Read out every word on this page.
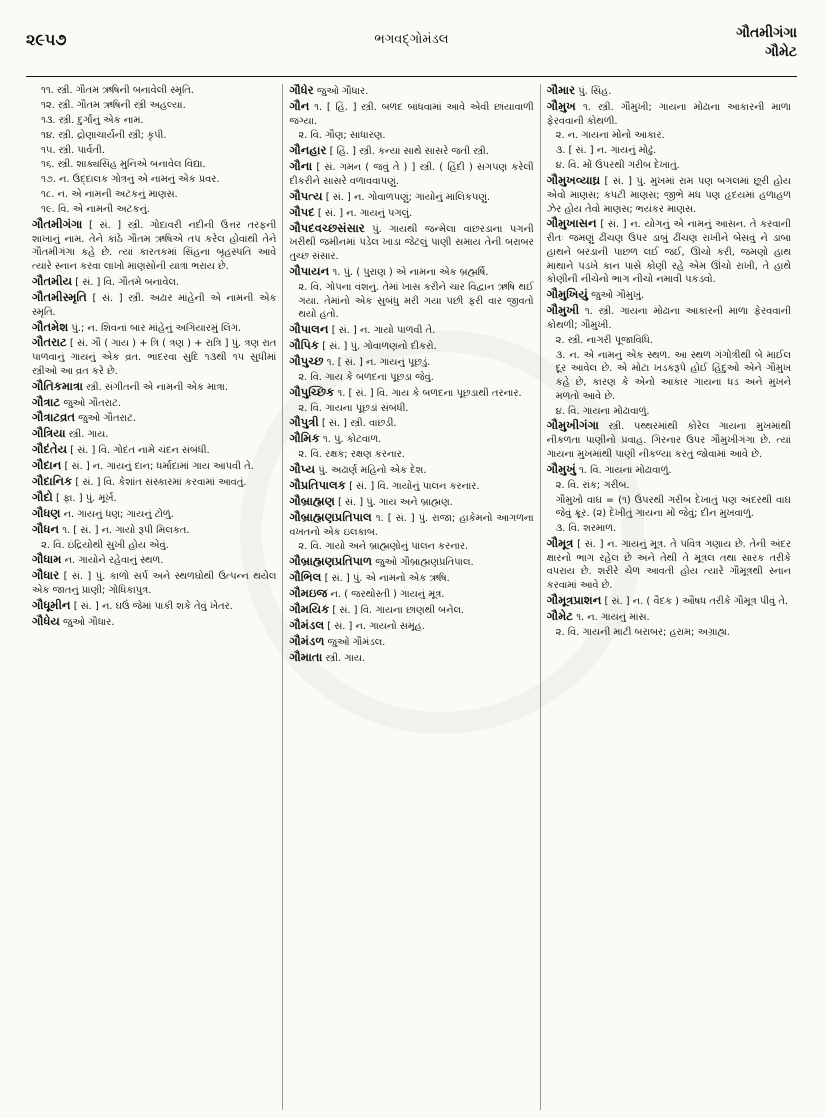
૨૯૫૭	ભગવદ્ગોમંડલ	ગૌતમીગંગા
ગૌમેટ
૧૧. સ્ત્રી. ગૌતમ ઋષિની બનાવેલી સ્મૃતિ.
૧૨. સ્ત્રી. ગૌતમ ઋષિની સ્ત્રી અહલ્યા.
૧૩. સ્ત્રી. દુર્ગાનું એક નામ.
૧૪. સ્ત્રી. દ્રોણાચાર્યની સ્ત્રી; કૃપી.
૧૫. સ્ત્રી. પાર્વતી.
૧૬. સ્ત્રી. શાક્યસિંહ મુનિએ બનાવેલ વિદ્યા.
૧૭. ન. ઉદ્દાલક ગોત્રનું એ નામનું એક પ્રવર.
૧૮. ન. એ નામની અટકનું માણસ.
૧૯. વિ. એ નામની અટકનું.
ગૌતમીગંગા [ સં. ] સ્ત્રી. ગોદાવરી નદીની ઉત્તર તરફની શાખાનું નામ. તેને કાંઠે ગૌતમ ઋષિએ તપ કરેલ હોવાથી તેને ગૌતમીગંગા કહે છે. ત્યાં કારતકમાં સિંહના બૃહસ્પતિ આવે ત્યારે સ્નાન કરવા લાખો માણસોની યાત્રા ભરાય છે.
ગૌતમીય [ સં. ] વિ. ગૌતમે બનાવેલ.
ગૌતમીસ્મૃતિ [ સં. ] સ્ત્રી. અઢાર માંહેની એ નામની એક સ્મૃતિ.
ગૌતમેશ પું.; ન. શિવનાં બાર માંહેનું અગિયારમું લિંગ.
ગૌતરાટ [ સં. ગૌ ( ગાય ) + ત્રિ ( ત્રણ ) + રાત્રિ ] પું. ત્રણ રાત પાળવાનું ગાયનું એક વ્રત. ભાદરવા સુદિ ૧૩થી ૧૫ સુધીમાં સ્ત્રીઓ આ વ્રત કરે છે.
ગૌતિકમાત્રા સ્ત્રી. સંગીતની એ નામની એક માત્રા.
ગૌત્રાટ જુઓ ગૌતરાટ.
ગૌત્રાટવ્રત જુઓ ગૌતરાટ.
ગૌત્રિયા સ્ત્રી. ગાય.
ગૌદંતેય [ સં. ] વિ. ગોદંત નામે ચંદન સંબંધી.
ગૌદાન [ સં. ] ન. ગાયનું દાન; ધર્માદામાં ગાય આપવી તે.
ગૌદાનિક [ સં. ] વિ. કેશાંત સંસ્કારમાં કરવામાં આવતું.
ગૌદો [ ફા. ] પું. મૂર્ખ.
ગૌધણ ન. ગાયનું ધણ; ગાયનું ટોળું.
ગૌધન ૧. [ સં. ] ન. ગાયો રૂપી મિલકત.
૨. વિ. ઇંદ્રિયોથી સુખી હોય એવું.
ગૌધામ ન. ગાયોને રહેવાનું સ્થળ.
ગૌધાર [ સં. ] પું. કાળો સર્પ અને સ્થળઘોથી ઉત્પન્ન થયેલ એક જાતનું પ્રાણી; ગોધિકાપુત્ર.
ગૌધૂમીન [ સં. ] ન. ઘઉં જેમાં પાકી શકે તેવું ખેતર.
ગૌધેય જુઓ ગૌધાર.
ગૌધેર જુઓ ગૌધાર.
ગૌન ૧. [ હિં. ] સ્ત્રી. બળદ બાંધવામાં આવે એવી છાંયાવાળી જગ્યા.
૨. વિ. ગૌણ; સાધારણ.
ગૌનહાર [ હિં. ] સ્ત્રી. કન્યા સાથે સાસરે જતી સ્ત્રી.
ગૌના [ સં. ગમન ( જવું તે ) ] સ્ત્રી. ( હિંદી ) સગપણ કરેલી દીકરીને સાસરે વળાવવાપણું.
ગૌપત્ય [ સં. ] ન. ગોવાળપણું; ગાયોનું માલિકપણું.
ગૌપદ [ સં. ] ન. ગાયનું પગલું.
ગૌપદવચ્છસંસાર પું. ગાયથી જન્મેલા વાછરડાના પગની ખરીથી જમીનમાં પડેલ ખાડા જેટલું પાણી સમાય તેની બરાબર તુચ્છ સંસાર.
ગૌપાયન ૧. પું. ( પુરાણ ) એ નામના એક બ્રહ્મર્ષિ.
૨. વિ. ગોપના વંશનું. તેમાં ખાસ કરીને ચાર વિદ્વાન ઋષિ થઈ ગયા. તેમાંનો એક સુબંધુ મરી ગયા પછી ફરી વાર જીવતો થયો હતો.
ગૌપાલન [ સં. ] ન. ગાયો પાળવી તે.
ગૌપિક [ સં. ] પું. ગોવાળણનો દીકરો.
ગૌપુચ્છ ૧. [ સં. ] ન. ગાયનું પૂછડું.
૨. વિ. ગાય કે બળદના પૂછડા જેવું.
ગૌપુચ્છિક ૧. [ સં. ] વિ. ગાય કે બળદના પૂછડાથી તરનાર.
૨. વિ. ગાયના પૂછડાં સંબંધી.
ગૌપુત્રી [ સં. ] સ્ત્રી. વાછડી.
ગૌમિક ૧. પું. કોટવાળ.
૨. વિ. રક્ષક; રક્ષણ કરનાર.
ગૌપ્ય પું. અઢાર્ણ મહિનો એક દેશ.
ગૌપ્રતિપાલક [ સં. ] વિ. ગાયોનું પાલન કરનાર.
ગૌબ્રાહ્મણ [ સં. ] પું. ગાય અને બ્રાહ્મણ.
ગૌબ્રાહ્મણપ્રતિપાલ ૧. [ સં. ] પું. રાજા; હાકેમનો આગળના વખતનો એક ઇલકાબ.
૨. વિ. ગાયો અને બ્રાહ્મણોનું પાલન કરનાર.
ગૌબ્રાહ્મણપ્રતિપાળ જુઓ ગૌબ્રાહ્મણપ્રતિપાલ.
ગૌભિલ [ સં. ] પું. એ નામનો એક ઋષિ.
ગૌમઇજ ન. ( જરથોસ્તી ) ગાયનું મૂત્ર.
ગૌમયિક [ સં. ] વિ. ગાયના છાણથી બનેલ.
ગૌમંડલ [ સં. ] ન. ગાયનો સમૂહ.
ગૌમંડળ જુઓ ગૌમંડલ.
ગૌમાતા સ્ત્રી. ગાય.
ગૌમાર પું. સિંહ.
ગૌમુખ ૧. સ્ત્રી. ગૌમુખી; ગાયના મોઢાના આકારની માળા ફેરવવાની કોથળી.
૨. ન. ગાયના મોંનો આકાર.
૩. [ સં. ] ન. ગાયનું મોઢું.
૪. વિ. મોં ઉપરથી ગરીબ દેખાતું.
ગૌમુખવ્યાઘ્ર [ સં. ] પું. મુખમાં રામ પણ બગલમાં છૂરી હોય એવો માણસ; કપટી માણસ; જીભે મધ પણ હૃદયમાં હળાહળ ઝેર હોય તેવો માણસ; ભયંકર માણસ.
ગૌમુખાસન [ સં. ] ન. યોગનું એ નામનું આસન. તે કરવાની રીતઃ જમણું ઢીંચણ ઉપર ડાબું ઢીંચણ રાખીને બેસવું ને ડાબા હાથને બરડાની પાછળ લઈ જઈ, ઊંચો કરી, જમણો હાથ માથાને પડખે કાન પાસે કોણી રહે એમ ઊંચો રાખી, તે હાથે કોણીની નીચેનો ભાગ નીચો નમાવી પકડવો.
ગૌમુખિયું જુઓ ગૌમુખું.
ગૌમુખી ૧. સ્ત્રી. ગાયના મોઢાના આકારની માળા ફેરવવાની કોથળી; ગૌમુખી.
૨. સ્ત્રી. નાગરી પૂજાવિધિ.
૩. ન. એ નામનું એક સ્થળ. આ સ્થળ ગંગોત્રીથી બે માઈલ દૂર આવેલ છે. એ મોટા ખડકરૂપે હોઈ હિંદુઓ એને ગૌમુખ કહે છે, કારણ કે એનો આકાર ગાયના ધડ અને મુખને મળતો આવે છે.
૪. વિ. ગાયના મોઢાવાળું.
ગૌમુખીગંગા સ્ત્રી. પથ્થરમાંથી કોરેલ ગાયના મુખમાંથી નીકળતા પાણીનો પ્રવાહ. ગિરનાર ઉપર ગૌમુખીગંગા છે. ત્યાં ગાયના મુખમાંથી પાણી નીકળ્યા કરતું જોવામાં આવે છે.
ગૌમુખું ૧. વિ. ગાયના મોઢાવાળું.
૨. વિ. રાંક; ગરીબ.
ગૌમુખો વાઘ = (૧) ઉપરથી ગરીબ દેખાતું પણ અંદરથી વાઘ જેવું ક્રૂર. (૨) દેખીતું ગાયના મોં જેવું; દીન મુખવાળું.
૩. વિ. શરમાળ.
ગૌમૂત્ર [ સં. ] ન. ગાયનું મૂત્ર. તે પવિત્ર ગણાય છે. તેની અંદર ક્ષારનો ભાગ રહેલ છે અને તેથી તે મૂત્રલ તથા સારક તરીકે વપરાય છે. શરીરે ચેળ આવતી હોય ત્યારે ગૌમૂત્રથી સ્નાન કરવામાં આવે છે.
ગૌમૂત્રપ્રાશન [ સં. ] ન. ( વૈદક ) ઔષધ તરીકે ગૌમૂત્ર પીવું તે.
ગૌમેટ ૧. ન. ગાયનું માંસ.
૨. વિ. ગાયની માટી બરાબર; હરામ; અગ્રાહ્ય.
